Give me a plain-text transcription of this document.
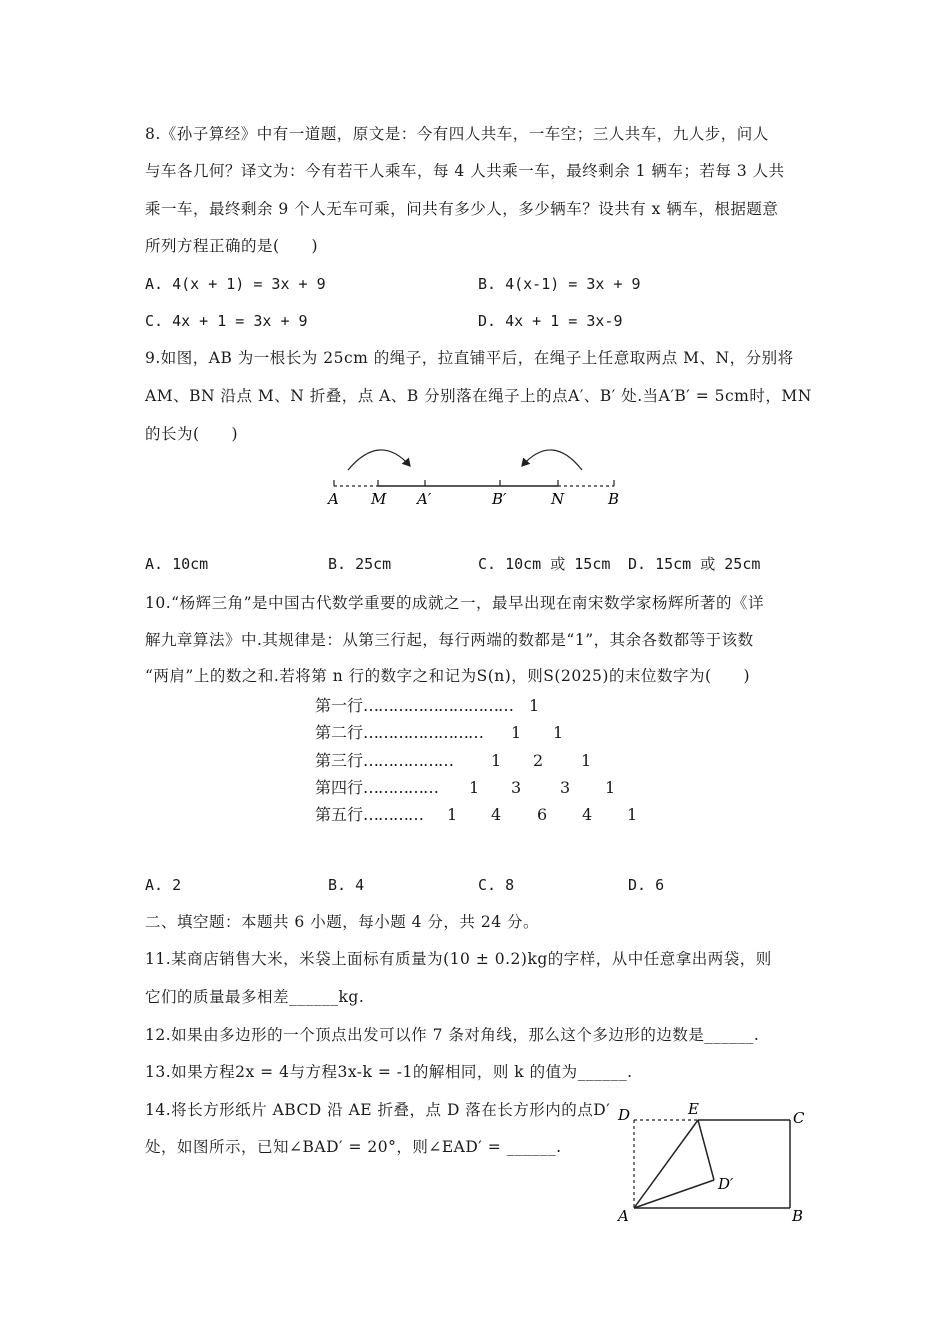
8.《孙子算经》中有一道题，原文是：今有四人共车，一车空；三人共车，九人步，问人
与车各几何？译文为：今有若干人乘车，每 4 人共乘一车，最终剩余 1 辆车；若每 3 人共
乘一车，最终剩余 9 个人无车可乘，问共有多少人，多少辆车？设共有 x 辆车，根据题意
所列方程正确的是(　　)
A. 4(x + 1) = 3x + 9	B. 4(x-1) = 3x + 9
C. 4x + 1 = 3x + 9	D. 4x + 1 = 3x-9
9.如图，AB 为一根长为 25cm 的绳子，拉直铺平后，在绳子上任意取两点 M、N，分别将
AM、BN 沿点 M、N 折叠，点 A、B 分别落在绳子上的点A′、B′ 处.当A′B′ = 5cm时，MN
的长为(　　)
A M A′	B′	N	B
A. 10cm	B. 25cm	C. 10cm 或 15cm D. 15cm 或 25cm
10.“杨辉三角”是中国古代数学重要的成就之一，最早出现在南宋数学家杨辉所著的《详
解九章算法》中.其规律是：从第三行起，每行两端的数都是“1”，其余各数都等于该数
“两肩”上的数之和.若将第 n 行的数字之和记为S(n)，则S(2025)的末位数字为(　　)
第一行………………………… 1
第二行…………………… 1 1
第三行……………… 1 2 1
第四行…………… 1 3 3 1
第五行………… 1 4 6 4 1
A. 2	B. 4	C. 8	D. 6
二、填空题：本题共 6 小题，每小题 4 分，共 24 分。
11.某商店销售大米，米袋上面标有质量为(10 ± 0.2)kg的字样，从中任意拿出两袋，则
它们的质量最多相差______kg.
12.如果由多边形的一个顶点出发可以作 7 条对角线，那么这个多边形的边数是______.
13.如果方程2x = 4与方程3x-k = -1的解相同，则 k 的值为______.
14.将长方形纸片 ABCD 沿 AE 折叠，点 D 落在长方形内的点D′
处，如图所示，已知∠BAD′ = 20°，则∠EAD′ = ______.
D	E	C
D′
A	B
